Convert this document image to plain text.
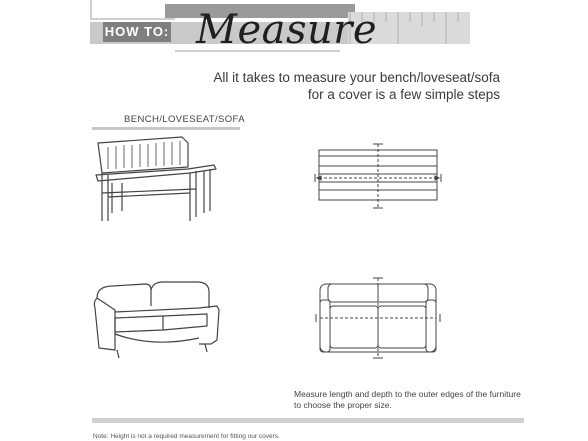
HOW TO: Measure
All it takes to measure your bench/loveseat/sofa for a cover is a few simple steps
BENCH/LOVESEAT/SOFA
Measure length and depth to the outer edges of the furniture to choose the proper size.
Note: Height is not a required measurement for fitting our covers.
